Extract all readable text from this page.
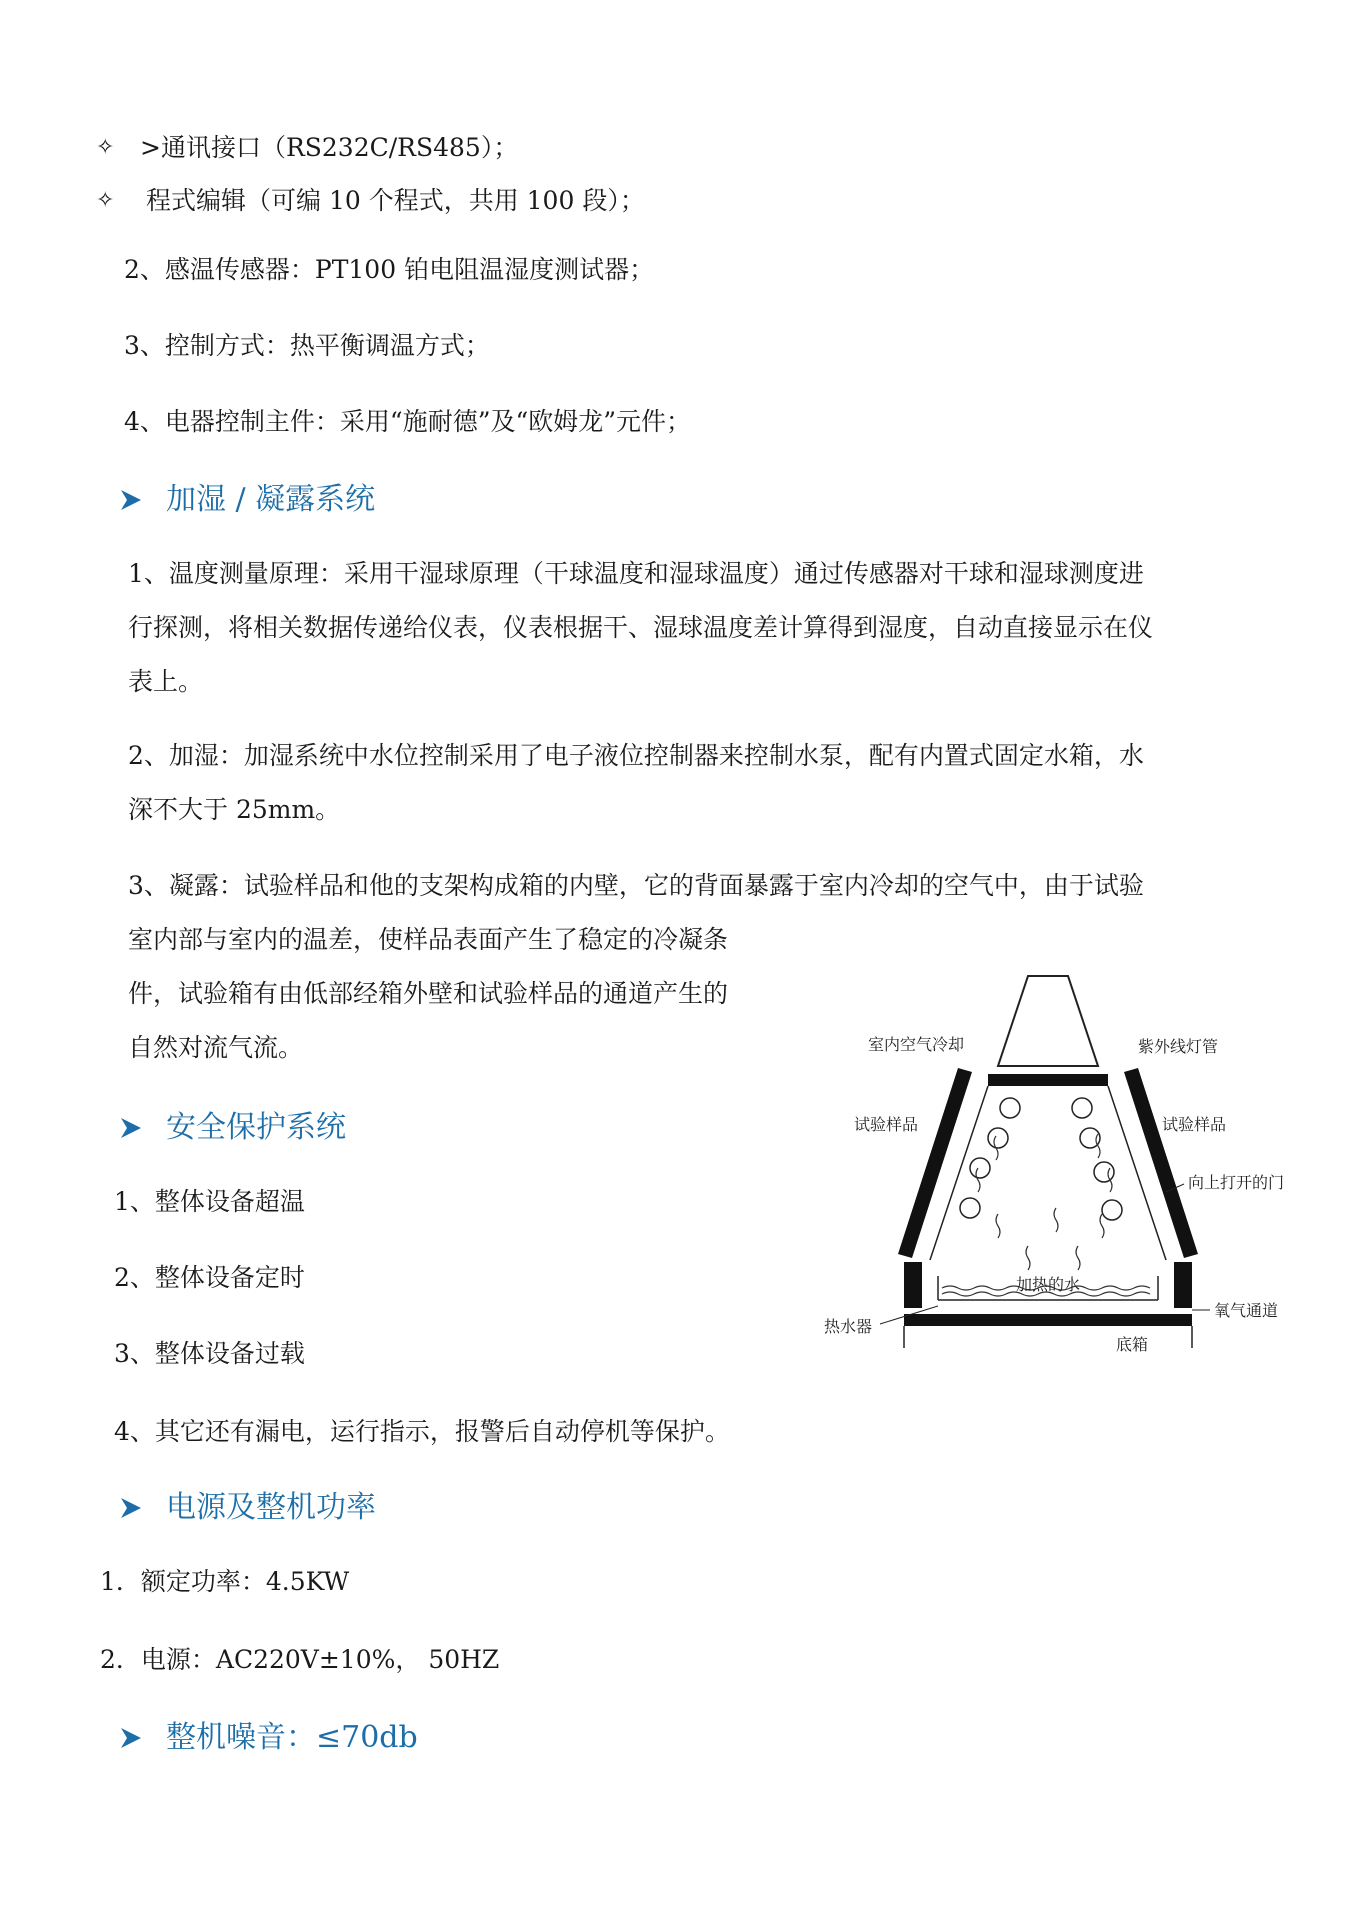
✧ >通讯接口（RS232C/RS485）；
✧ 程式编辑（可编 10 个程式，共用 100 段）；
2、感温传感器：PT100 铂电阻温湿度测试器；
3、控制方式：热平衡调温方式；
4、电器控制主件：采用“施耐德”及“欧姆龙”元件；
加湿 / 凝露系统
1、温度测量原理：采用干湿球原理（干球温度和湿球温度）通过传感器对干球和湿球测度进
行探测，将相关数据传递给仪表，仪表根据干、湿球温度差计算得到湿度，自动直接显示在仪
表上。
2、加湿：加湿系统中水位控制采用了电子液位控制器来控制水泵，配有内置式固定水箱，水
深不大于 25mm。
3、凝露：试验样品和他的支架构成箱的内壁，它的背面暴露于室内冷却的空气中，由于试验
室内部与室内的温差，使样品表面产生了稳定的冷凝条
件，试验箱有由低部经箱外壁和试验样品的通道产生的
自然对流气流。	室内空气冷却	紫外线灯管
试验样品	试验样品
向上打开的门
加热的水
热水器
氧气通道
底箱
安全保护系统
1、整体设备超温
2、整体设备定时
3、整体设备过载
4、其它还有漏电，运行指示，报警后自动停机等保护。
电源及整机功率
1．额定功率：4.5KW
2．电源：AC220V±10%， 50HZ
整机噪音：≤70db
